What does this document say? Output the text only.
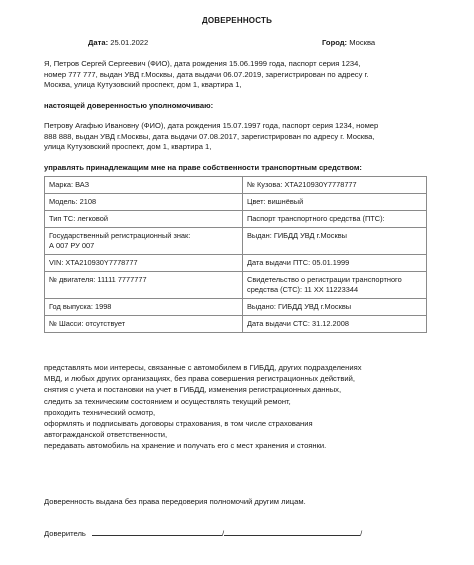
ДОВЕРЕННОСТЬ
Дата: 25.01.2022	Город: Москва
Я, Петров Сергей Сергеевич (ФИО), дата рождения 15.06.1999 года, паспорт серия 1234,
номер 777 777, выдан УВД г.Москвы, дата выдачи 06.07.2019, зарегистрирован по адресу г.
Москва, улица Кутузовский проспект, дом 1, квартира 1,
настоящей доверенностью уполномочиваю:
Петрову Агафью Ивановну (ФИО), дата рождения 15.07.1997 года, паспорт серия 1234, номер
888 888, выдан УВД г.Москвы, дата выдачи 07.08.2017, зарегистрирован по адресу г. Москва,
улица Кутузовский проспект, дом 1, квартира 1,
управлять принадлежащим мне на праве собственности транспортным средством:
Марка: ВАЗ	№ Кузова: XTA210930Y7778777
Модель: 2108	Цвет: вишнёвый
Тип ТС: легковой	Паспорт транспортного средства (ПТС):
Государственный регистрационный знак:
А 007 РУ 007	Выдан: ГИБДД УВД г.Москвы
VIN: XTA210930Y7778777	Дата выдачи ПТС: 05.01.1999
№ двигателя: 11111 7777777	Свидетельство о регистрации транспортного
средства (СТС): 11 ХХ 11223344
Год выпуска: 1998	Выдано: ГИБДД УВД г.Москвы
№ Шасси: отсутствует	Дата выдачи СТС: 31.12.2008
представлять мои интересы, связанные с автомобилем в ГИБДД, других подразделениях
МВД, и любых других организациях, без права совершения регистрационных действий,
снятия с учета и постановки на учет в ГИБДД, изменения регистрационных данных,
следить за техническим состоянием и осуществлять текущий ремонт,
проходить технический осмотр,
оформлять и подписывать договоры страхования, в том числе страхования
автогражданской ответственности,
передавать автомобиль на хранение и получать его с мест хранения и стоянки.
Доверенность выдана без права передоверия полномочий другим лицам.
Доверитель	/	/
